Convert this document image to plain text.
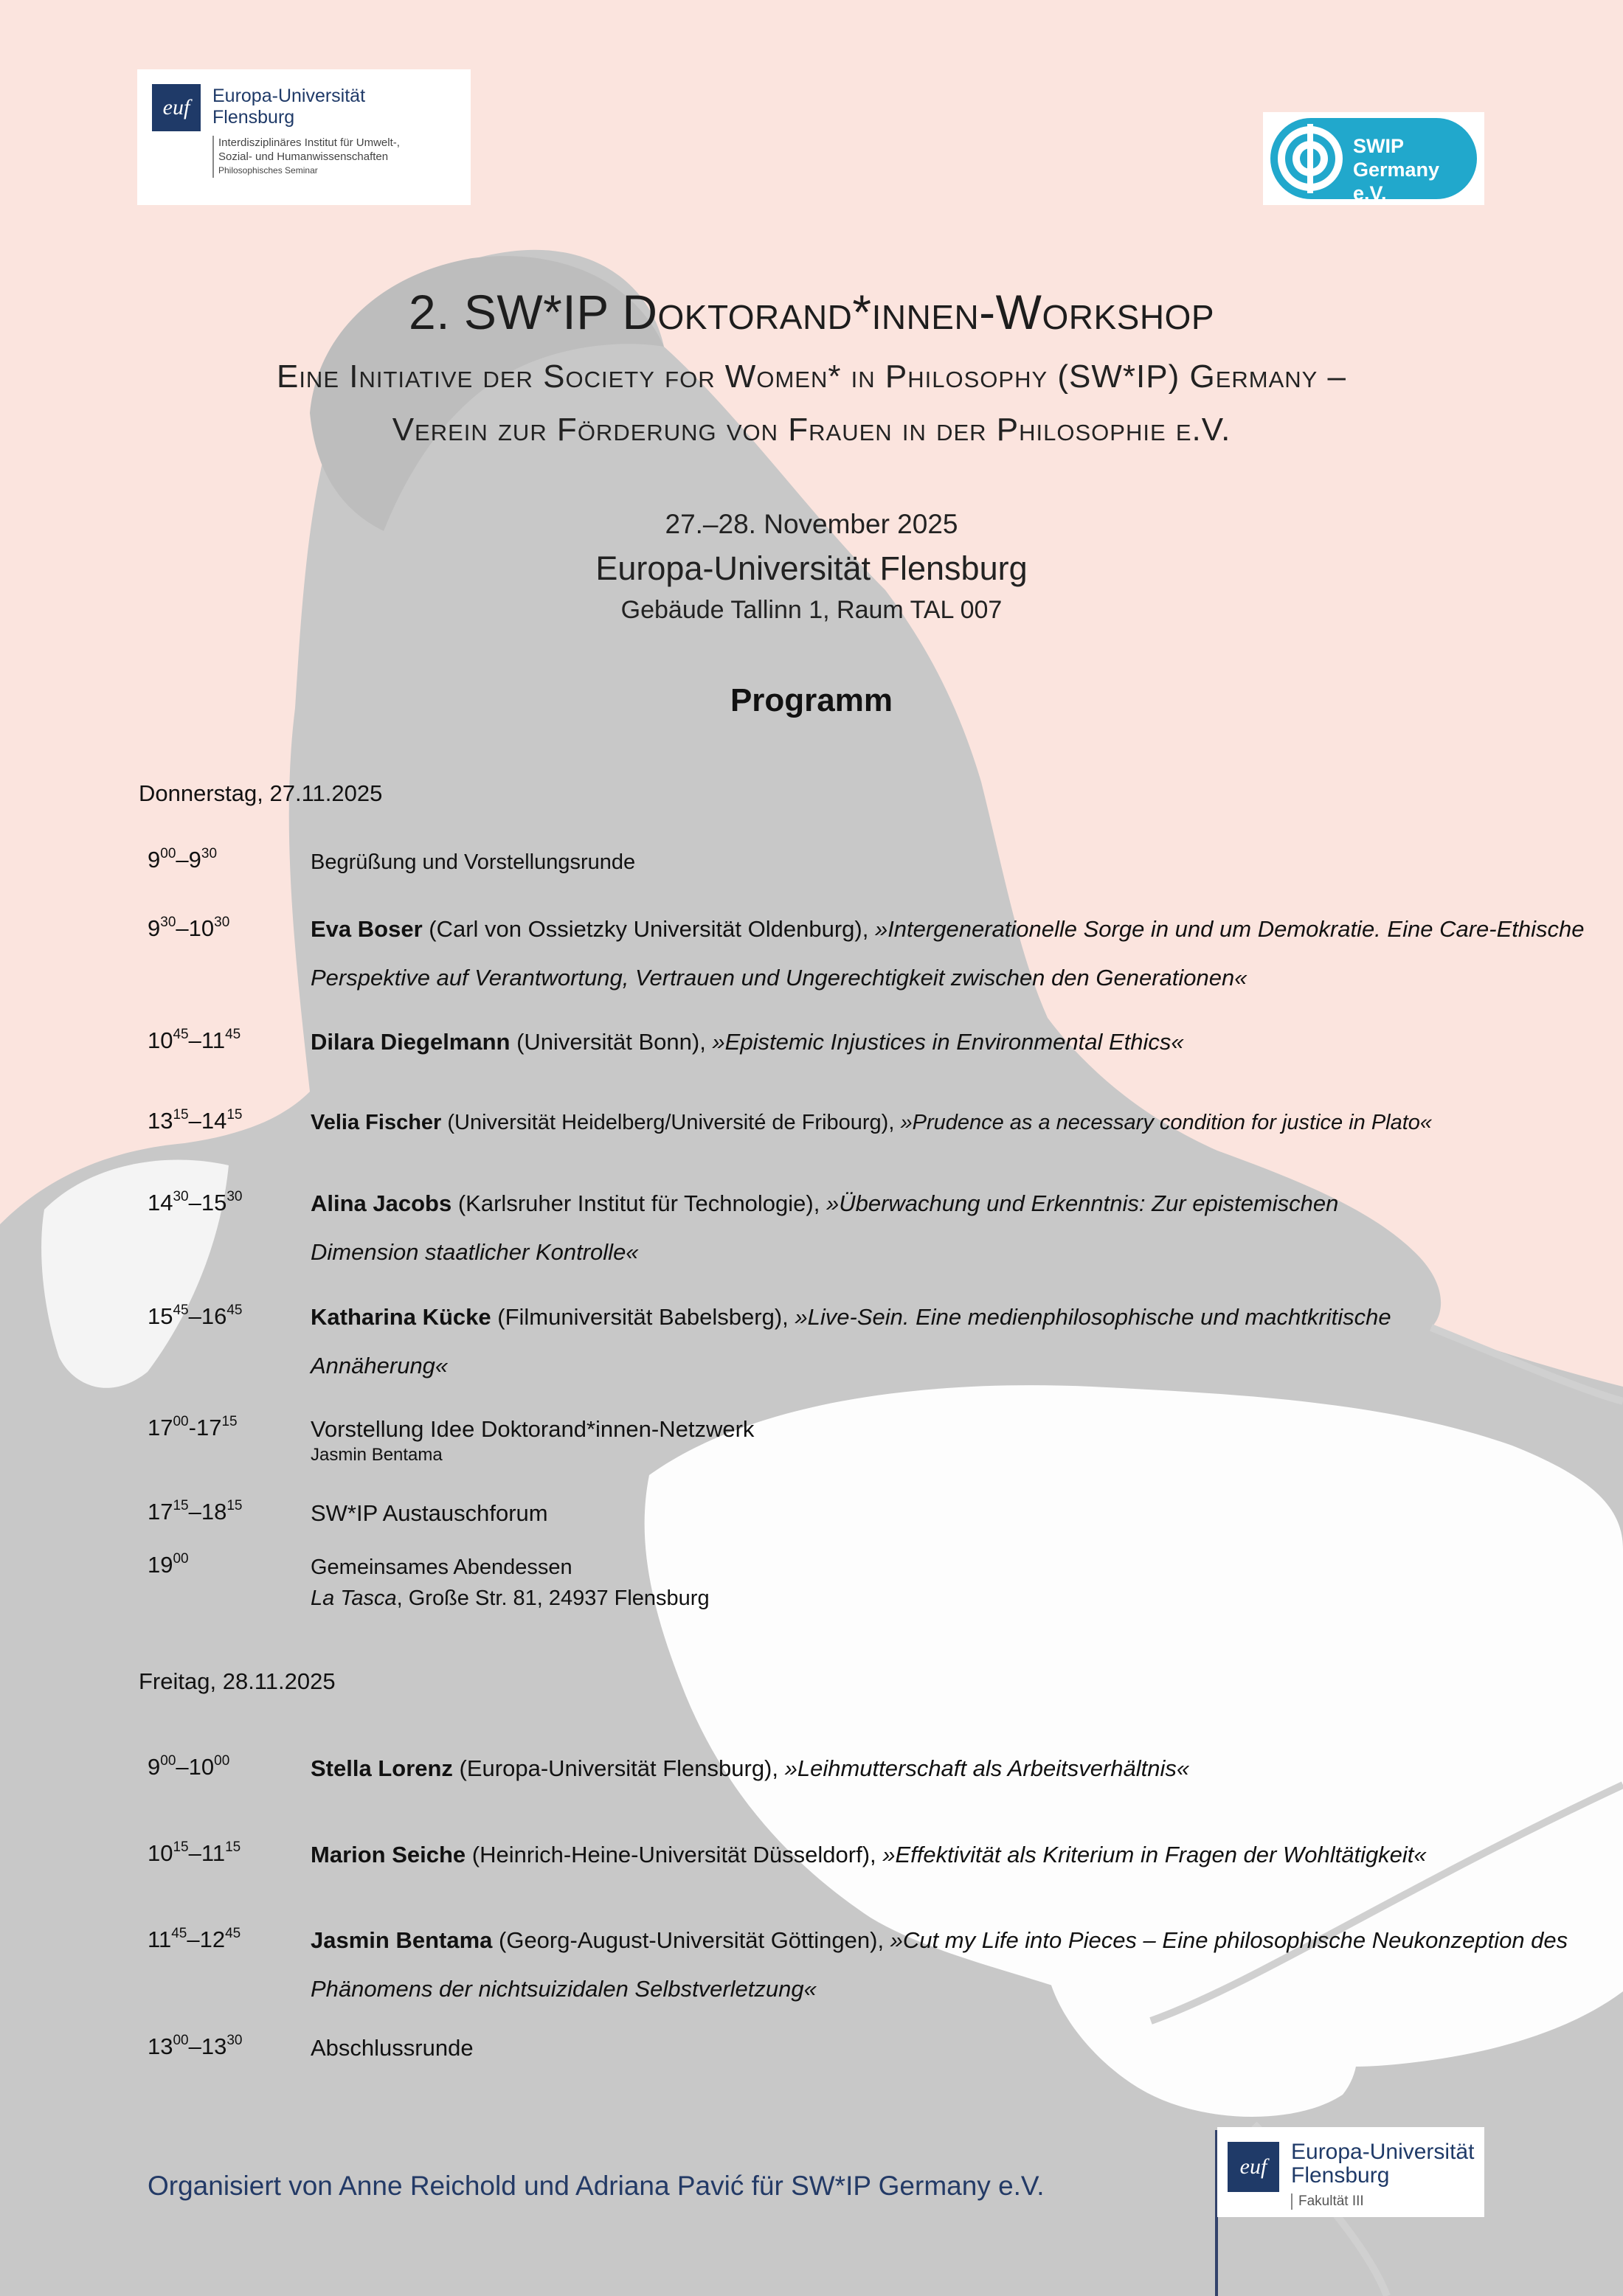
euf	Europa-Universität
Flensburg
Interdisziplinäres Institut für Umwelt-,
Sozial- und Humanwissenschaften
Philosophisches Seminar
SWIP
Germany e.V.
2. SW*IP Doktorand*innen-Workshop
Eine Initiative der Society for Women* in Philosophy (SW*IP) Germany –
Verein zur Förderung von Frauen in der Philosophie e.V.
27.–28. November 2025
Europa-Universität Flensburg
Gebäude Tallinn 1, Raum TAL 007
Programm
Donnerstag, 27.11.2025
$9^{00}-9^{30}$	Begrüßung und Vorstellungsrunde
$9^{30}-10^{30}$	Eva Boser (Carl von Ossietzky Universität Oldenburg), »Intergenerationelle Sorge in und um Demokratie. Eine Care-Ethische Perspektive auf Verantwortung, Vertrauen und Ungerechtigkeit zwischen den Generationen«
$10^{45}-11^{45}$	Dilara Diegelmann (Universität Bonn), »Epistemic Injustices in Environmental Ethics«
$13^{15}-14^{15}$	Velia Fischer (Universität Heidelberg/Université de Fribourg), »Prudence as a necessary condition for justice in Plato«
$14^{30}-15^{30}$	Alina Jacobs (Karlsruher Institut für Technologie), »Überwachung und Erkenntnis: Zur epistemischen Dimension staatlicher Kontrolle«
$15^{45}-16^{45}$	Katharina Kücke (Filmuniversität Babelsberg), »Live-Sein. Eine medienphilosophische und machtkritische Annäherung«
$17^{00}-17^{15}$	Vorstellung Idee Doktorand*innen-Netzwerk
Jasmin Bentama
$17^{15}-18^{15}$	SW*IP Austauschforum
$19^{00}$	Gemeinsames Abendessen
La Tasca, Große Str. 81, 24937 Flensburg
Freitag, 28.11.2025
$9^{00}-10^{00}$	Stella Lorenz (Europa-Universität Flensburg), »Leihmutterschaft als Arbeitsverhältnis«
$10^{15}-11^{15}$	Marion Seiche (Heinrich-Heine-Universität Düsseldorf), »Effektivität als Kriterium in Fragen der Wohltätigkeit«
$11^{45}-12^{45}$	Jasmin Bentama (Georg-August-Universität Göttingen), »Cut my Life into Pieces – Eine philosophische Neukonzeption des Phänomens der nichtsuizidalen Selbstverletzung«
$13^{00}-13^{30}$	Abschlussrunde
Organisiert von Anne Reichold und Adriana Pavić für SW*IP Germany e.V.
euf
Europa-Universität
Flensburg
Fakultät III
